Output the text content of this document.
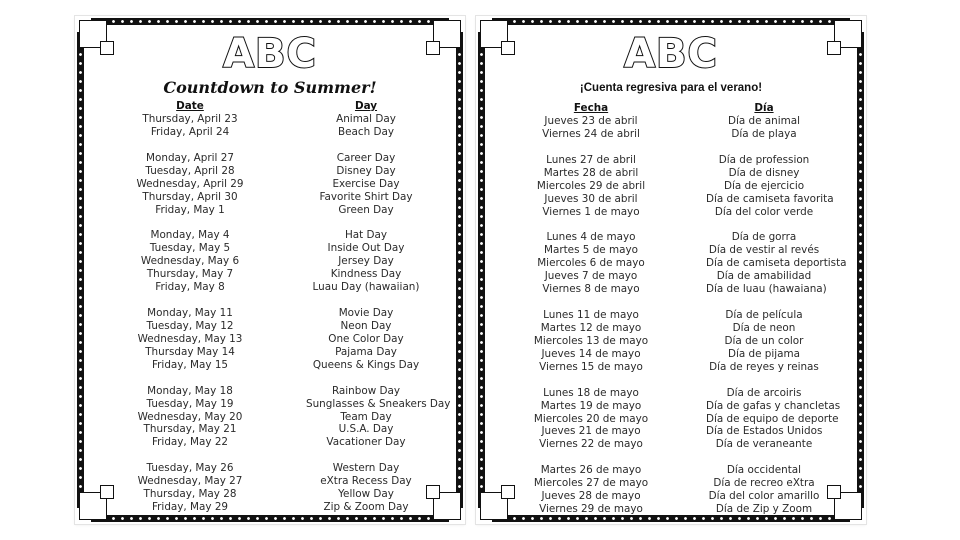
ABC
Countdown to Summer!
Date	Day
Thursday, April 23	Animal Day
Friday, April 24	Beach Day
Monday, April 27	Career Day
Tuesday, April 28	Disney Day
Wednesday, April 29	Exercise Day
Thursday, April 30	Favorite Shirt Day
Friday, May 1	Green Day
Monday, May 4	Hat Day
Tuesday, May 5	Inside Out Day
Wednesday, May 6	Jersey Day
Thursday, May 7	Kindness Day
Friday, May 8	Luau Day (hawaiian)
Monday, May 11	Movie Day
Tuesday, May 12	Neon Day
Wednesday, May 13	One Color Day
Thursday May 14	Pajama Day
Friday, May 15	Queens & Kings Day
Monday, May 18	Rainbow Day
Tuesday, May 19	Sunglasses & Sneakers Day
Wednesday, May 20	Team Day
Thursday, May 21	U.S.A. Day
Friday, May 22	Vacationer Day
Tuesday, May 26	Western Day
Wednesday, May 27	eXtra Recess Day
Thursday, May 28	Yellow Day
Friday, May 29	Zip & Zoom Day
ABC
¡Cuenta regresiva para el verano!
Fecha	Día
Jueves 23 de abril	Día de animal
Viernes 24 de abril	Día de playa
Lunes 27 de abril	Día de profession
Martes 28 de abril	Día de disney
Miercoles 29 de abril	Día de ejercicio
Jueves 30 de abril	Día de camiseta favorita
Viernes 1 de mayo	Día del color verde
Lunes 4 de mayo	Día de gorra
Martes 5 de mayo	Día de vestir al revés
Miercoles 6 de mayo	Día de camiseta deportista
Jueves 7 de mayo	Día de amabilidad
Viernes 8 de mayo	Día de luau (hawaiana)
Lunes 11 de mayo	Día de película
Martes 12 de mayo	Día de neon
Miercoles 13 de mayo	Día de un color
Jueves 14 de mayo	Día de pijama
Viernes 15 de mayo	Día de reyes y reinas
Lunes 18 de mayo	Día de arcoiris
Martes 19 de mayo	Día de gafas y chancletas
Miercoles 20 de mayo	Día de equipo de deporte
Jueves 21 de mayo	Día de Estados Unidos
Viernes 22 de mayo	Día de veraneante
Martes 26 de mayo	Día occidental
Miercoles 27 de mayo	Día de recreo eXtra
Jueves 28 de mayo	Día del color amarillo
Viernes 29 de mayo	Día de Zip y Zoom
